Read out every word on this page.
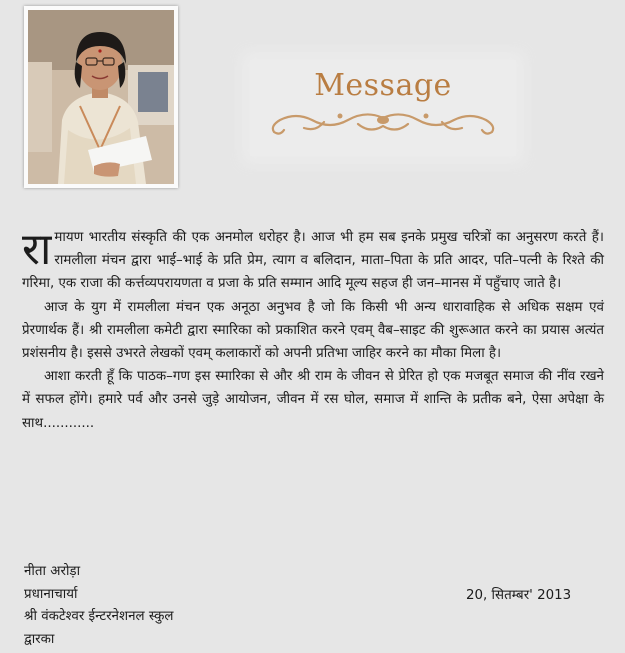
Message

रामायण भारतीय संस्कृति की एक अनमोल धरोहर है। आज भी हम सब इनके प्रमुख चरित्रों का अनुसरण करते हैं। रामलीला मंचन द्वारा भाई–भाई के प्रति प्रेम, त्याग व बलिदान, माता–पिता के प्रति आदर, पति–पत्नी के रिश्ते की गरिमा, एक राजा की कर्त्तव्यपरायणता व प्रजा के प्रति सम्मान आदि मूल्य सहज ही जन–मानस में पहुँचाए जाते है।

आज के युग में रामलीला मंचन एक अनूठा अनुभव है जो कि किसी भी अन्य धारावाहिक से अधिक सक्षम एवं प्रेरणार्थक हैं। श्री रामलीला कमेटी द्वारा स्मारिका को प्रकाशित करने एवम् वैब–साइट की शुरूआत करने का प्रयास अत्यंत प्रशंसनीय है। इससे उभरते लेखकों एवम् कलाकारों को अपनी प्रतिभा जाहिर करने का मौका मिला है।

आशा करती हूँ कि पाठक–गण इस स्मारिका से और श्री राम के जीवन से प्रेरित हो एक मजबूत समाज की नींव रखने में सफल होंगे। हमारे पर्व और उनसे जुड़े आयोजन, जीवन में रस घोल, समाज में शान्ति के प्रतीक बने, ऐसा अपेक्षा के साथ............

नीता अरोड़ा
प्रधानाचार्या
श्री वंकटेश्वर ईन्टरनेशनल स्कुल
द्वारका
20, सितम्बर' 2013
